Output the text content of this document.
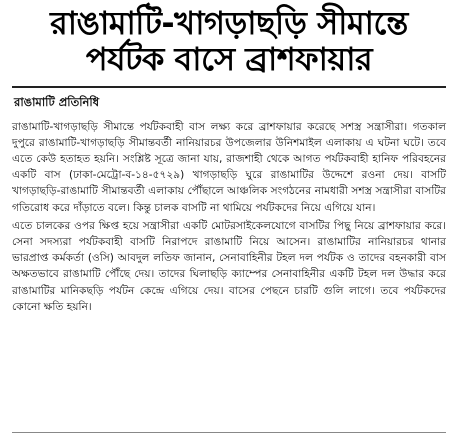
রাঙামাটি-খাগড়াছড়ি সীমান্তে
পর্যটক বাসে ব্রাশফায়ার
রাঙামাটি প্রতিনিধি

রাঙামাটি-খাগড়াছড়ি সীমান্তে পর্যটকবাহী বাস লক্ষ্য করে ব্রাশফায়ার করেছে সশস্ত্র সন্ত্রাসীরা। গতকাল দুপুরে রাঙামাটি-খাগড়াছড়ি সীমান্তবর্তী নানিয়ারচর উপজেলার উনিশমাইল এলাকায় এ ঘটনা ঘটে। তবে এতে কেউ হতাহত হয়নি। সংশ্লিষ্ট সূত্রে জানা যায়, রাজশাহী থেকে আগত পর্যটকবাহী হানিফ পরিবহনের একটি বাস (ঢাকা-মেট্রো-ব-১৪-৫৭২৯) খাগড়াছড়ি ঘুরে রাঙামাটির উদ্দেশে রওনা দেয়। বাসটি খাগড়াছড়ি-রাঙামাটি সীমান্তবর্তী এলাকায় পৌঁছালে আঞ্চলিক সংগঠনের নামধারী সশস্ত্র সন্ত্রাসীরা বাসটির গতিরোধ করে দাঁড়াতে বলে। কিন্তু চালক বাসটি না থামিয়ে পর্যটকদের নিয়ে এগিয়ে যান।

এতে চালকের ওপর ক্ষিপ্ত হয়ে সন্ত্রাসীরা একটি মোটরসাইকেলযোগে বাসটির পিছু নিয়ে ব্রাশফায়ার করে। সেনা সদস্যরা পর্যটকবাহী বাসটি নিরাপদে রাঙামাটি নিয়ে আসেন। রাঙামাটির নানিয়ারচর থানার ভারপ্রাপ্ত কর্মকর্তা (ওসি) আবদুল লতিফ জানান, সেনাবাহিনীর টহল দল পর্যটক ও তাদের বহনকারী বাস অক্ষতভাবে রাঙামাটি পৌঁছে দেয়। তাদের ঘিলাছড়ি ক্যাম্পের সেনাবাহিনীর একটি টহল দল উদ্ধার করে রাঙামাটির মানিকছড়ি পর্যটন কেন্দ্রে এগিয়ে দেয়। বাসের পেছনে চারটি গুলি লাগে। তবে পর্যটকদের কোনো ক্ষতি হয়নি।
